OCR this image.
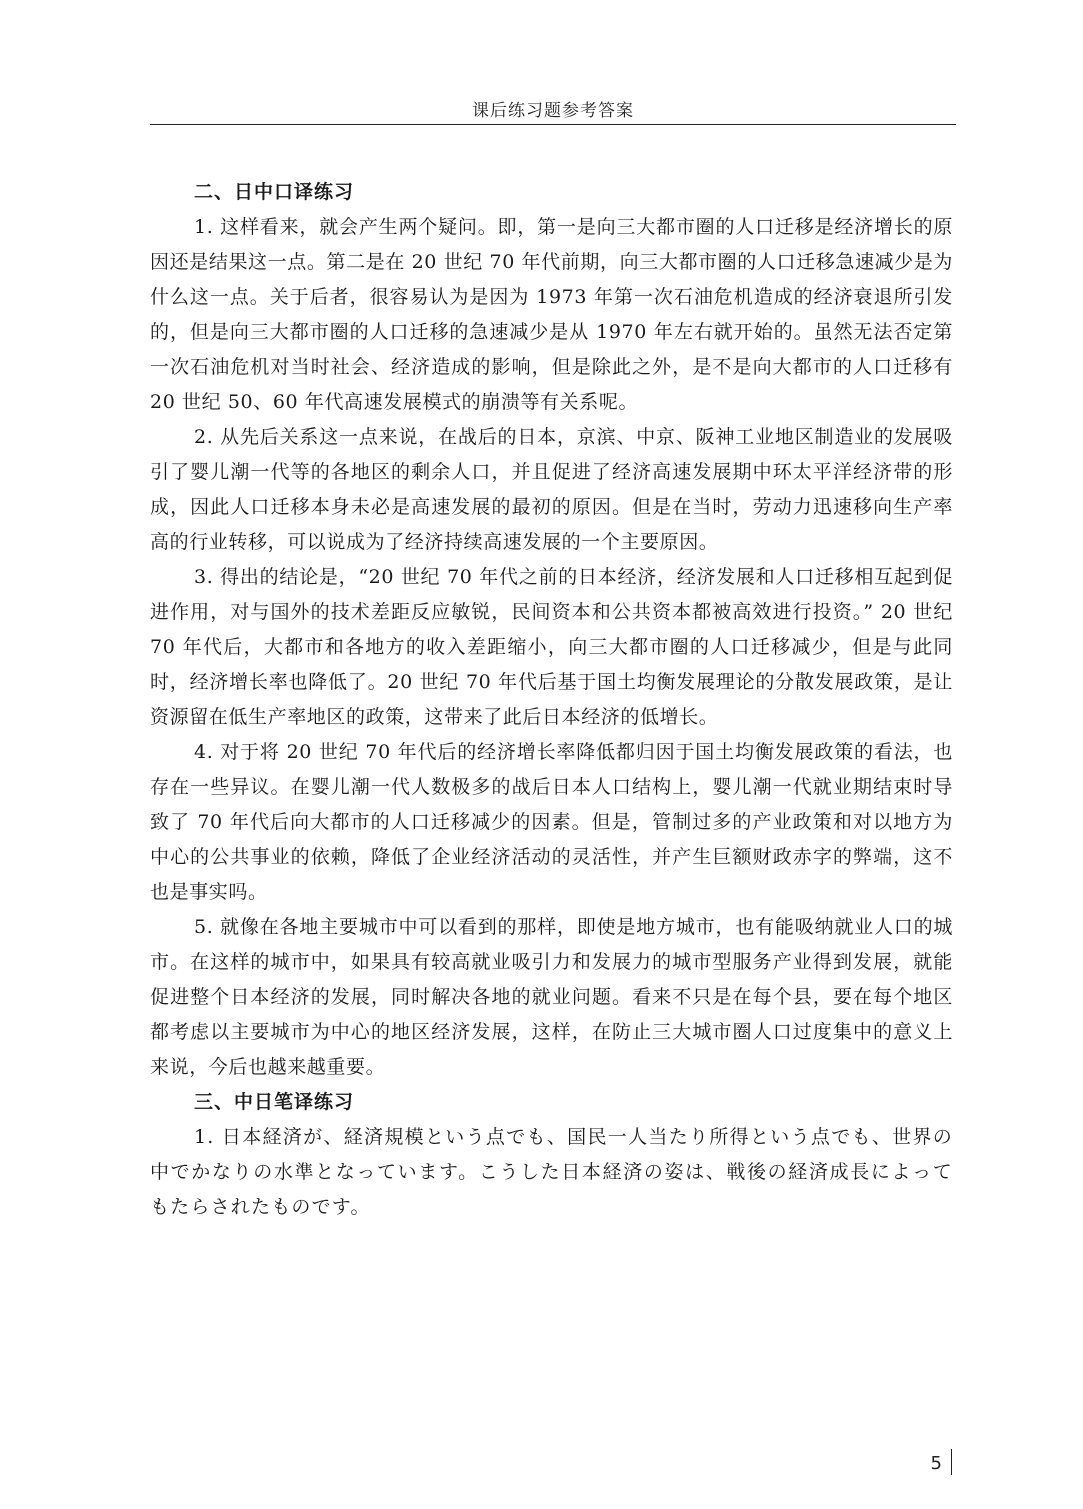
课后练习题参考答案
二、日中口译练习

1. 这样看来，就会产生两个疑问。即，第一是向三大都市圈的人口迁移是经济增长的原因还是结果这一点。第二是在 20 世纪 70 年代前期，向三大都市圈的人口迁移急速减少是为什么这一点。关于后者，很容易认为是因为 1973 年第一次石油危机造成的经济衰退所引发的，但是向三大都市圈的人口迁移的急速减少是从 1970 年左右就开始的。虽然无法否定第一次石油危机对当时社会、经济造成的影响，但是除此之外，是不是向大都市的人口迁移有 20 世纪 50、60 年代高速发展模式的崩溃等有关系呢。

2. 从先后关系这一点来说，在战后的日本，京滨、中京、阪神工业地区制造业的发展吸引了婴儿潮一代等的各地区的剩余人口，并且促进了经济高速发展期中环太平洋经济带的形成，因此人口迁移本身未必是高速发展的最初的原因。但是在当时，劳动力迅速移向生产率高的行业转移，可以说成为了经济持续高速发展的一个主要原因。

3. 得出的结论是，“20 世纪 70 年代之前的日本经济，经济发展和人口迁移相互起到促进作用，对与国外的技术差距反应敏锐，民间资本和公共资本都被高效进行投资。” 20 世纪 70 年代后，大都市和各地方的收入差距缩小，向三大都市圈的人口迁移减少，但是与此同时，经济增长率也降低了。20 世纪 70 年代后基于国土均衡发展理论的分散发展政策，是让资源留在低生产率地区的政策，这带来了此后日本经济的低增长。

4. 对于将 20 世纪 70 年代后的经济增长率降低都归因于国土均衡发展政策的看法，也存在一些异议。在婴儿潮一代人数极多的战后日本人口结构上，婴儿潮一代就业期结束时导致了 70 年代后向大都市的人口迁移减少的因素。但是，管制过多的产业政策和对以地方为中心的公共事业的依赖，降低了企业经济活动的灵活性，并产生巨额财政赤字的弊端，这不也是事实吗。

5. 就像在各地主要城市中可以看到的那样，即使是地方城市，也有能吸纳就业人口的城市。在这样的城市中，如果具有较高就业吸引力和发展力的城市型服务产业得到发展，就能促进整个日本经济的发展，同时解决各地的就业问题。看来不只是在每个县，要在每个地区都考虑以主要城市为中心的地区经济发展，这样，在防止三大城市圈人口过度集中的意义上来说，今后也越来越重要。

三、中日笔译练习

1. 日本経済が、経済規模という点でも、国民一人当たり所得という点でも、世界の中でかなりの水準となっています。こうした日本経済の姿は、戦後の経済成長によってもたらされたものです。

5
